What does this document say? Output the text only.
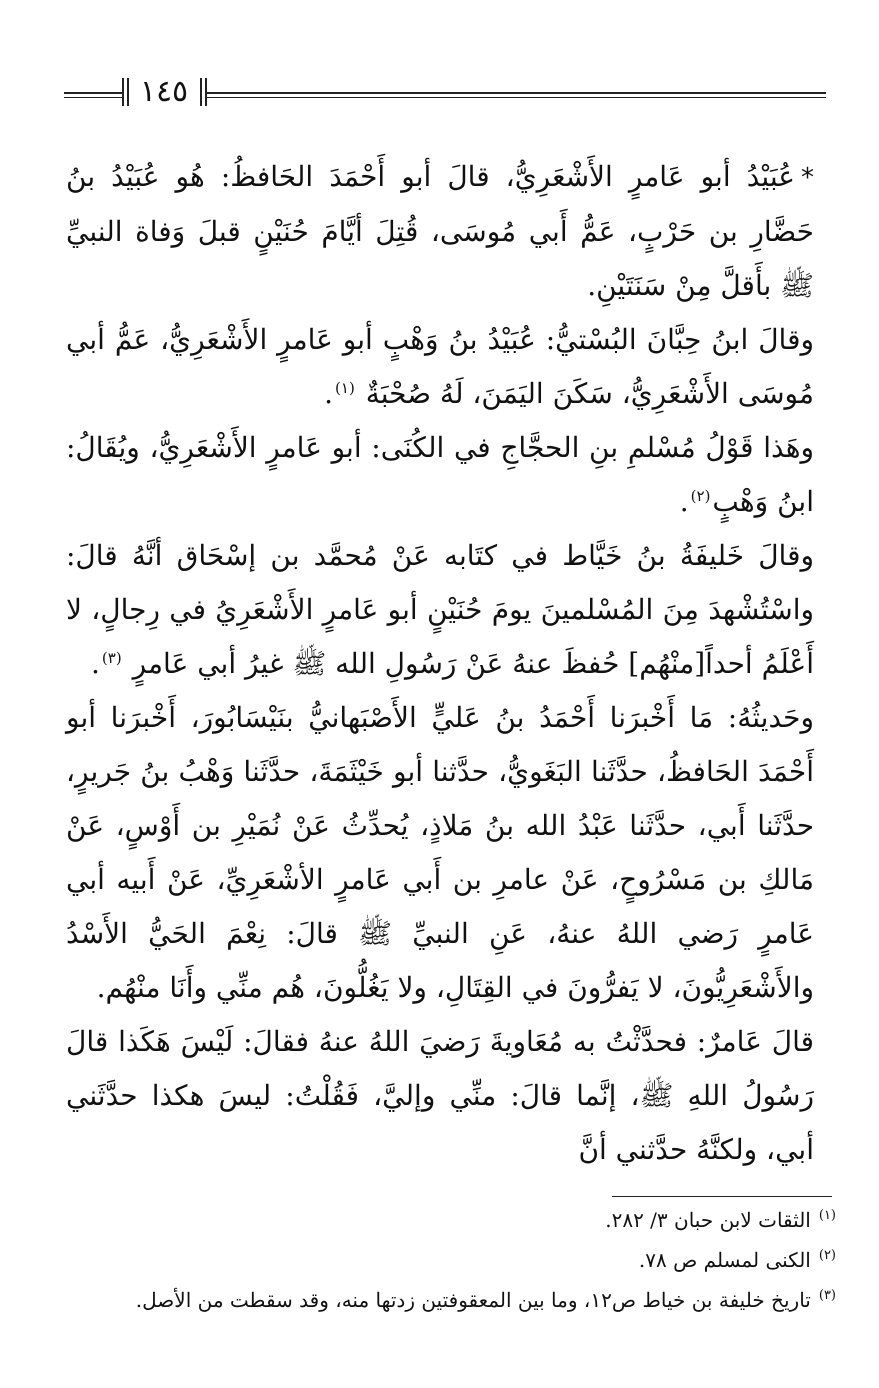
١٤٥

*عُبَيْدُ أبو عَامرٍ الأَشْعَرِيُّ، قالَ أبو أَحْمَدَ الحَافظُ: هُو عُبَيْدُ بنُ حَضَّارِ بن حَرْبٍ، عَمُّ أَبي مُوسَى، قُتِلَ أيَّامَ حُنَيْنٍ قبلَ وَفاة النبيِّ ﷺ بأَقلَّ مِنْ سَنَتَيْنِ.

وقالَ ابنُ حِبَّانَ البُسْتيُّ: عُبَيْدُ بنُ وَهْبٍ أبو عَامرٍ الأَشْعَرِيُّ، عَمُّ أبي مُوسَى الأَشْعَرِيُّ، سَكَنَ اليَمَنَ، لَهُ صُحْبَةٌ $^{(١)}$.

وهَذا قَوْلُ مُسْلمِ بنِ الحجَّاجِ في الكُنَى: أبو عَامرٍ الأَشْعَرِيُّ، ويُقَالُ: ابنُ وَهْبٍ$^{(٢)}$.

وقالَ خَليفَةُ بنُ خَيَّاط في كتَابه عَنْ مُحمَّد بن إسْحَاق أنَّهُ قالَ: واسْتُشْهدَ مِنَ المُسْلمينَ يومَ حُنَيْنٍ أبو عَامرٍ الأَشْعَرِيُ في رِجالٍ، لا أَعْلَمُ أحداً[منْهُم] حُفظَ عنهُ عَنْ رَسُولِ الله ﷺ غيرُ أبي عَامرٍ $^{(٣)}$.

وحَديثُهُ: مَا أَخْبرَنا أَحْمَدُ بنُ عَليٍّ الأَصْبَهانيُّ بنَيْسَابُورَ، أَخْبرَنا أبو أَحْمَدَ الحَافظُ، حدَّثَنا البَغَويُّ، حدَّثنا أبو خَيْثَمَةَ، حدَّثَنا وَهْبُ بنُ جَريرٍ، حدَّثَنا أَبي، حدَّثَنا عَبْدُ الله بنُ مَلاذٍ، يُحدِّثُ عَنْ نُمَيْرِ بن أَوْسٍ، عَنْ مَالكِ بن مَسْرُوحٍ، عَنْ عامرِ بن أَبي عَامرٍ الأشْعَرِيِّ، عَنْ أَبيه أبي عَامرٍ رَضي اللهُ عنهُ، عَنِ النبيِّ ﷺ قالَ: نِعْمَ الحَيُّ الأَسْدُ والأَشْعَرِيُّونَ، لا يَفرُّونَ في القِتَالِ، ولا يَغُلُّونَ، هُم منِّي وأَنَا منْهُم.

قالَ عَامرٌ: فحدَّثْتُ به مُعَاويةَ رَضيَ اللهُ عنهُ فقالَ: لَيْسَ هَكَذا قالَ رَسُولُ اللهِ ﷺ، إنَّما قالَ: منِّي وإليَّ، فَقُلْتُ: ليسَ هكذا حدَّثَني أبي، ولكنَّهُ حدَّثني أنَّ

$^{(١)}$الثقات لابن حبان ٣/ ٢٨٢.

$^{(٢)}$الكنى لمسلم ص ٧٨.

$^{(٣)}$تاريخ خليفة بن خياط ص١٢، وما بين المعقوفتين زدتها منه، وقد سقطت من الأصل.
